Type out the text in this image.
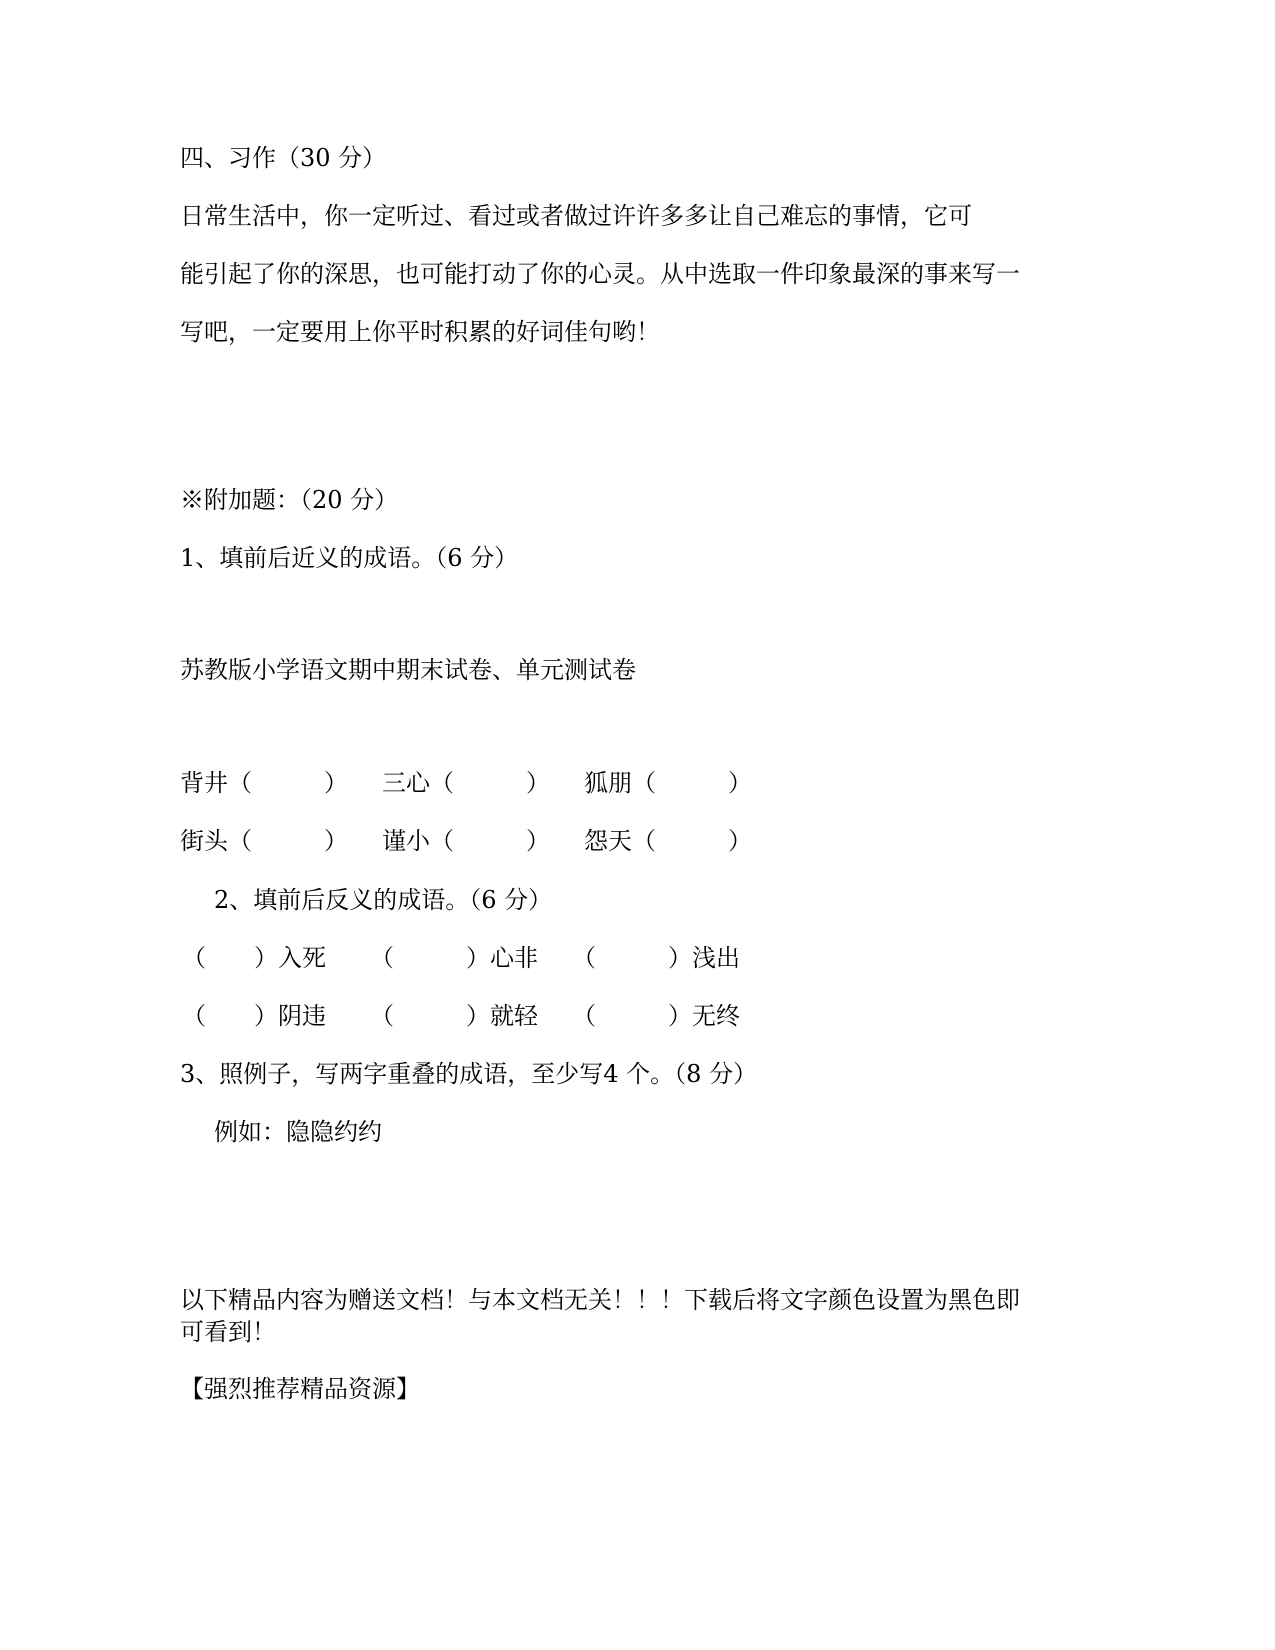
四、习作（30 分）
日常生活中，你一定听过、看过或者做过许许多多让自己难忘的事情，它可
能引起了你的深思，也可能打动了你的心灵。从中选取一件印象最深的事来写一
写吧，一定要用上你平时积累的好词佳句哟！
※附加题：（20 分）
1、填前后近义的成语。（6 分）
苏教版小学语文期中期末试卷、单元测试卷
背井（　　　） 三心（　　　） 狐朋（　　　）
街头（　　　） 谨小（　　　） 怨天（　　　）
2、填前后反义的成语。（6 分）
（　　）入死 （　　　）心非 （　　　）浅出
（　　）阴违 （　　　）就轻 （　　　）无终
3、照例子，写两字重叠的成语，至少写4 个。（8 分）
例如：隐隐约约
以下精品内容为赠送文档！与本文档无关！！！下载后将文字颜色设置为黑色即可看到！
【强烈推荐精品资源】
